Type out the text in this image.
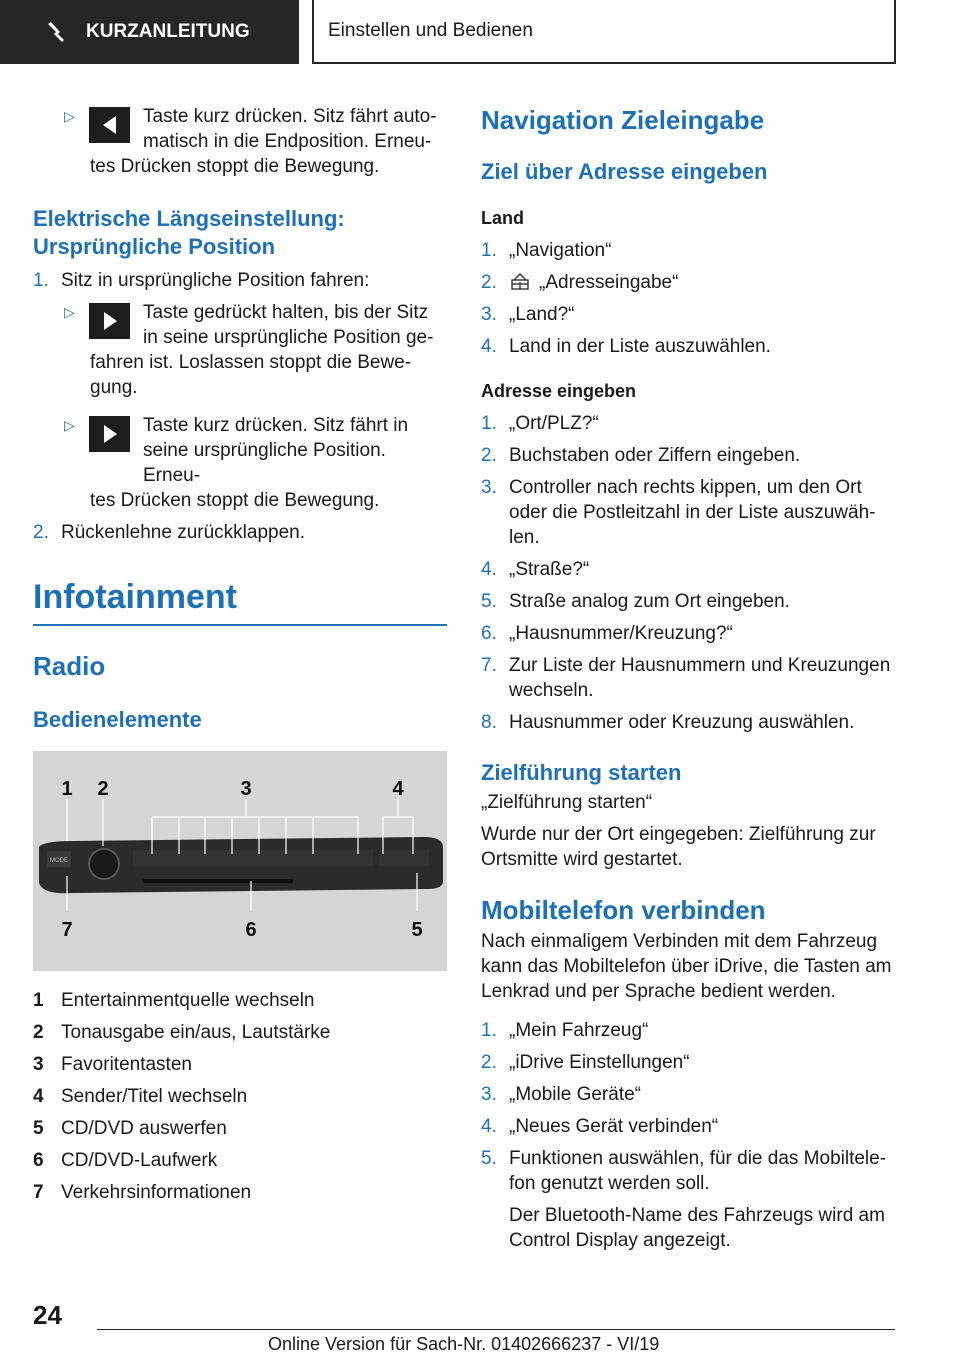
KURZANLEITUNG	Einstellen und Bedienen
▷	Taste kurz drücken. Sitz fährt auto-
matisch in die Endposition. Erneu-
tes Drücken stoppt die Bewegung.
Elektrische Längseinstellung:
Ursprüngliche Position
1. Sitz in ursprüngliche Position fahren:
▷	Taste gedrückt halten, bis der Sitz
in seine ursprüngliche Position ge-
fahren ist. Loslassen stoppt die Bewe-
gung.
▷	Taste kurz drücken. Sitz fährt in
seine ursprüngliche Position. Erneu-
tes Drücken stoppt die Bewegung.
2. Rückenlehne zurückklappen.
Infotainment
Radio
Bedienelemente
MODE
1 2	3	4
5
6
7
1 Entertainmentquelle wechseln
2 Tonausgabe ein/aus, Lautstärke
3 Favoritentasten
4 Sender/Titel wechseln
5 CD/DVD auswerfen
6 CD/DVD-Laufwerk
7 Verkehrsinformationen
Navigation Zieleingabe
Ziel über Adresse eingeben
Land
1. „Navigation“
2. „Adresseingabe“
3. „Land?“
4. Land in der Liste auszuwählen.
Adresse eingeben
1. „Ort/PLZ?“
2. Buchstaben oder Ziffern eingeben.
3. Controller nach rechts kippen, um den Ort oder die Postleitzahl in der Liste auszuwäh-len.
4. „Straße?“
5. Straße analog zum Ort eingeben.
6. „Hausnummer/Kreuzung?“
7. Zur Liste der Hausnummern und Kreuzungen wechseln.
8. Hausnummer oder Kreuzung auswählen.
Zielführung starten
„Zielführung starten“
Wurde nur der Ort eingegeben: Zielführung zur Ortsmitte wird gestartet.
Mobiltelefon verbinden
Nach einmaligem Verbinden mit dem Fahrzeug kann das Mobiltelefon über iDrive, die Tasten am Lenkrad und per Sprache bedient werden.
1. „Mein Fahrzeug“
2. „iDrive Einstellungen“
3. „Mobile Geräte“
4. „Neues Gerät verbinden“
5. Funktionen auswählen, für die das Mobiltele-fon genutzt werden soll.
Der Bluetooth-Name des Fahrzeugs wird am Control Display angezeigt.
24
Online Version für Sach-Nr. 01402666237 - VI/19
